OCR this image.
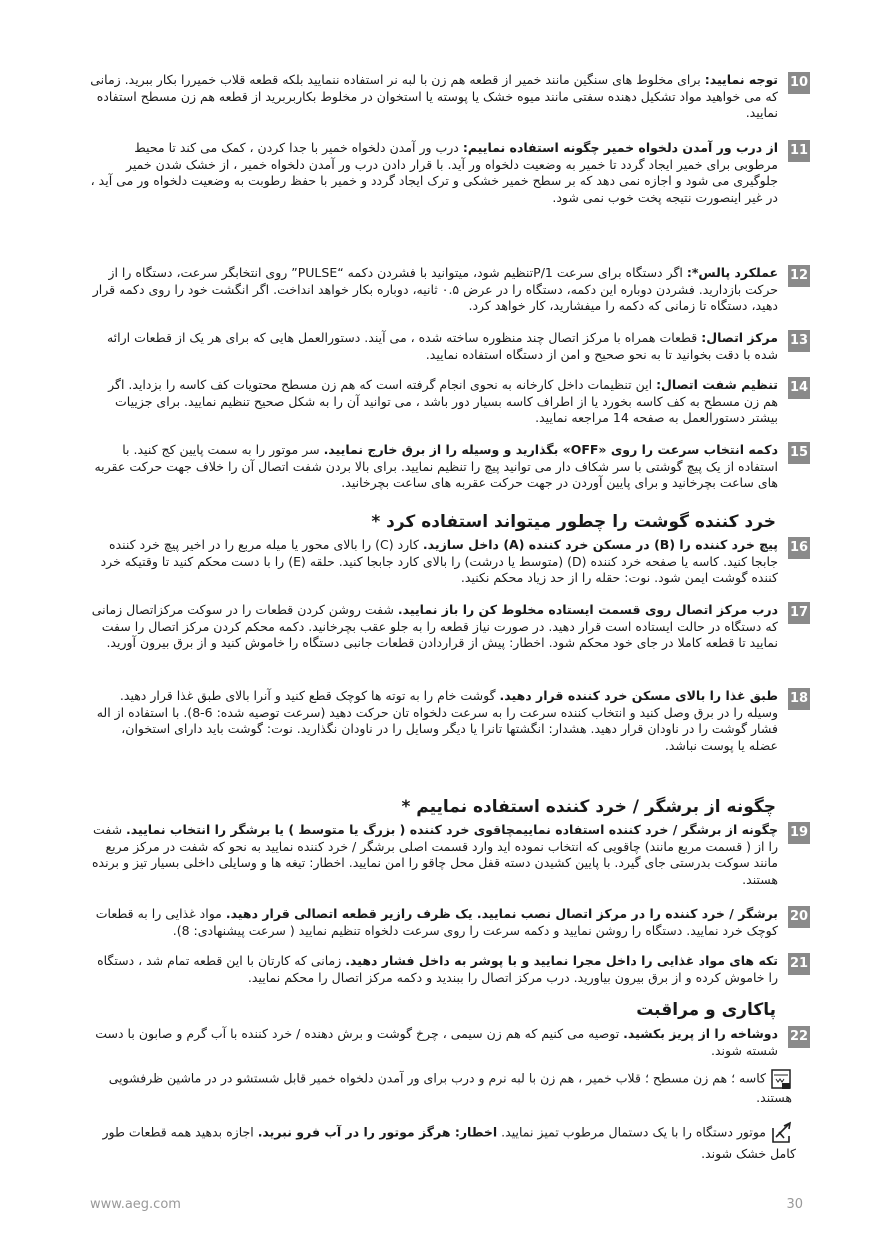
10
توجه نمایید: برای مخلوط های سنگین مانند خمیر از قطعه هم زن با لبه نر استفاده ننمایید بلکه قطعه قلاب خمیررا بکار ببرید. زمانی که می خواهید مواد تشکیل دهنده سفتی مانند میوه خشک یا پوسته یا استخوان در مخلوط بکاربربرید از قطعه هم زن مسطح استفاده نمایید.
11
از درب ور آمدن دلخواه خمیر چگونه استفاده نماییم: درب ور آمدن دلخواه خمیر با جدا کردن ، کمک می کند تا محیط مرطوبی برای خمیر ایجاد گردد تا خمیر به وضعیت دلخواه ور آید. با قرار دادن درب ور آمدن دلخواه خمیر ، از خشک شدن خمیر جلوگیری می شود و اجازه نمی دهد که بر سطح خمیر خشکی و ترک ایجاد گردد و خمیر با حفظ رطوبت به وضعیت دلخواه ور می آید ، در غیر اینصورت نتیجه پخت خوب نمی شود.
12
عملکرد پالس*: اگر دستگاه برای سرعت P/1تنظیم شود، میتوانید با فشردن دکمه “PULSE” روی انتخابگر سرعت، دستگاه را از حرکت بازدارید. فشردن دوباره این دکمه، دستگاه را در عرض ۰.۵ ثانیه، دوباره بکار خواهد انداخت. اگر انگشت خود را روی دکمه قرار دهید، دستگاه تا زمانی که دکمه را میفشارید، کار خواهد کرد.
13
مرکز اتصال: قطعات همراه با مرکز اتصال چند منظوره ساخته شده ، می آیند. دستورالعمل هایی که برای هر یک از قطعات ارائه شده با دقت بخوانید تا به نحو صحیح و امن از دستگاه استفاده نمایید.
14
تنظیم شفت اتصال: این تنظیمات داخل کارخانه به نحوی انجام گرفته است که هم زن مسطح محتویات کف کاسه را بزداید. اگر هم زن مسطح به کف کاسه بخورد یا از اطراف کاسه بسیار دور باشد ، می توانید آن را به شکل صحیح تنظیم نمایید. برای جزییات بیشتر دستورالعمل به صفحه 14 مراجعه نمایید.
15
دکمه انتخاب سرعت را روی «OFF» بگذارید و وسیله را از برق خارج نمایید. سر موتور را به سمت پایین کج کنید. با استفاده از یک پیچ گوشتی با سر شکاف دار می توانید پیچ را تنظیم نمایید. برای بالا بردن شفت اتصال آن را خلاف جهت حرکت عقربه های ساعت بچرخانید و برای پایین آوردن در جهت حرکت عقربه های ساعت بچرخانید.
خرد کننده گوشت را چطور میتواند استفاده کرد *
16
پیچ خرد کننده را (B) در مسکن خرد کننده (A) داخل سازید. کارد (C) را بالای محور یا میله مربع را در اخیر پیچ خرد کننده جابجا کنید. کاسه یا صفحه خرد کننده (D) (متوسط یا درشت) را بالای کارد جابجا کنید. حلقه (E) را با دست محکم کنید تا وقتیکه خرد کننده گوشت ایمن شود. نوت: حقله را از حد زیاد محکم نکنید.
17
درب مرکز اتصال روی قسمت ایستاده مخلوط کن را باز نمایید. شفت روشن کردن قطعات را در سوکت مرکزاتصال زمانی که دستگاه در حالت ایستاده است قرار دهید. در صورت نیاز قطعه را به جلو عقب بچرخانید. دکمه محکم کردن مرکز اتصال را سفت نمایید تا قطعه کاملا در جای خود محکم شود. اخطار: پیش از قراردادن قطعات جانبی دستگاه را خاموش کنید و از برق بیرون آورید.
18
طبق غذا را بالای مسکن خرد کننده قرار دهید. گوشت خام را به توته ها کوچک قطع کنید و آنرا بالای طبق غذا قرار دهید. وسیله را در برق وصل کنید و انتخاب کننده سرعت را به سرعت دلخواه تان حرکت دهید (سرعت توصیه شده: 6-8). با استفاده از اله فشار گوشت را در ناودان قرار دهید. هشدار: انگشتها تانرا یا دیگر وسایل را در ناودان نگذارید. نوت: گوشت باید دارای استخوان، عضله یا پوست نباشد.
چگونه از برشگر / خرد کننده استفاده نماییم *
19
چگونه از برشگر / خرد کننده استفاده نماییمچاقوی خرد کننده ( بزرگ یا متوسط ) یا برشگر را انتخاب نمایید. شفت را از ( قسمت مربع مانند) چاقویی که انتخاب نموده اید وارد قسمت اصلی برشگر / خرد کننده نمایید به نحو که شفت در مرکز مربع مانند سوکت بدرستی جای گیرد. با پایین کشیدن دسته قفل محل چاقو را امن نمایید. اخطار: تیغه ها و وسایلی داخلی بسیار تیز و برنده هستند.
20
برشگر / خرد کننده را در مرکز اتصال نصب نمایید. یک ظرف رازیر قطعه اتصالی قرار دهید. مواد غذایی را به قطعات کوچک خرد نمایید. دستگاه را روشن نمایید و دکمه سرعت را روی سرعت دلخواه تنظیم نمایید ( سرعت پیشنهادی: 8).
21
تکه های مواد غذایی را داخل مجرا نمایید و با پوشر به داخل فشار دهید. زمانی که کارتان با این قطعه تمام شد ، دستگاه را خاموش کرده و از برق بیرون بیاورید. درب مرکز اتصال را ببندید و دکمه مرکز اتصال را محکم نمایید.
پاکاری و مراقبت
22
دوشاخه را از پریز بکشید. توصیه می کنیم که هم زن سیمی ، چرخ گوشت و برش دهنده / خرد کننده با آب گرم و صابون با دست شسته شوند.
کاسه ؛ هم زن مسطح ؛ قلاب خمیر ، هم زن با لبه نرم و درب برای ور آمدن دلخواه خمیر قابل شستشو در در ماشین ظرفشویی هستند.
موتور دستگاه را با یک دستمال مرطوب تمیز نمایید. اخطار: هرگز موتور را در آب فرو نبرید. اجازه بدهید همه قطعات طور کامل خشک شوند.
www.aeg.com	30
